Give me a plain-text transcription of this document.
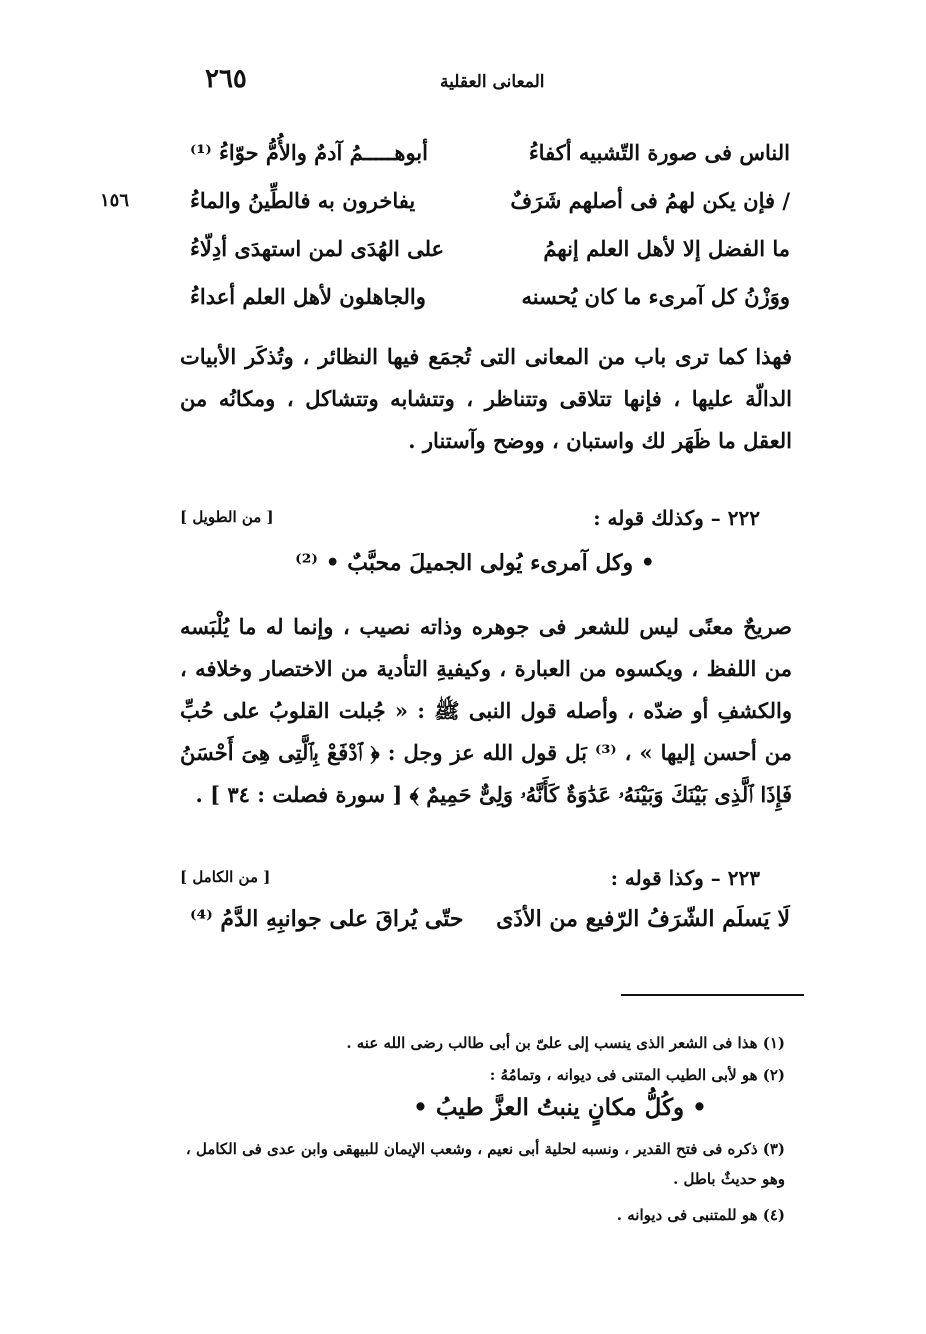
٢٦٥	المعانى العقلية
١٥٦
الناس فى صورة التّشبيه أكفاءُ
أبوهـــــمُ آدمٌ والأُمُّ حوّاءُ ⁽¹⁾
/ فإن يكن لهمُ فى أصلهم شَرَفٌ
يفاخرون به فالطِّينُ والماءُ
ما الفضل إلا لأهل العلم إنهمُ
على الهُدَى لمن استهدَى أدِلّاءُ
ووَزْنُ كل آمرىء ما كان يُحسنه
والجاهلون لأهل العلم أعداءُ
فهذا كما ترى باب من المعانى التى تُجمَع فيها النظائر ، وتُذكَر الأبيات الدالّة عليها ، فإنها تتلاقى وتتناظر ، وتتشابه وتتشاكل ، ومكانُه من العقل ما ظَهَر لك واستبان ، ووضح وآستنار .
٢٢٢ – وكذلك قوله :
[ من الطويل ]
• وكل آمرىء يُولى الجميلَ محبَّبٌ • ⁽²⁾
صريحٌ معنًى ليس للشعر فى جوهره وذاته نصيب ، وإنما له ما يُلْبَسه من اللفظ ، ويكسوه من العبارة ، وكيفيةِ التأدية من الاختصار وخلافه ، والكشفِ أو ضدّه ، وأصله قول النبى ﷺ : « جُبلت القلوبُ على حُبِّ من أحسن إليها » ، ⁽³⁾ بَل قول الله عز وجل : ﴿ ٱدْفَعْ بِٱلَّتِى هِىَ أَحْسَنُ فَإِذَا ٱلَّذِى بَيْنَكَ وَبَيْنَهُۥ عَدَٰوَةٌ كَأَنَّهُۥ وَلِىٌّ حَمِيمٌ ﴾ [ سورة فصلت : ٣٤ ] .
٢٢٣ – وكذا قوله :
[ من الكامل ]
لَا يَسلَم الشّرَفُ الرّفيع من الأذَى
حتّى يُراقَ على جوانبِهِ الدَّمُ ⁽⁴⁾
(١) هذا فى الشعر الذى ينسب إلى علىّ بن أبى طالب رضى الله عنه .
(٢) هو لأبى الطيب المتنى فى ديوانه ، وتمامُهُ :
• وكُلُّ مكانٍ ينبتُ العزَّ طيبُ •
(٣) ذكره فى فتح القدير ، ونسبه لحلية أبى نعيم ، وشعب الإيمان للبيهقى وابن عدى فى الكامل ، وهو حديثٌ باطل .
(٤) هو للمتنبى فى ديوانه .
